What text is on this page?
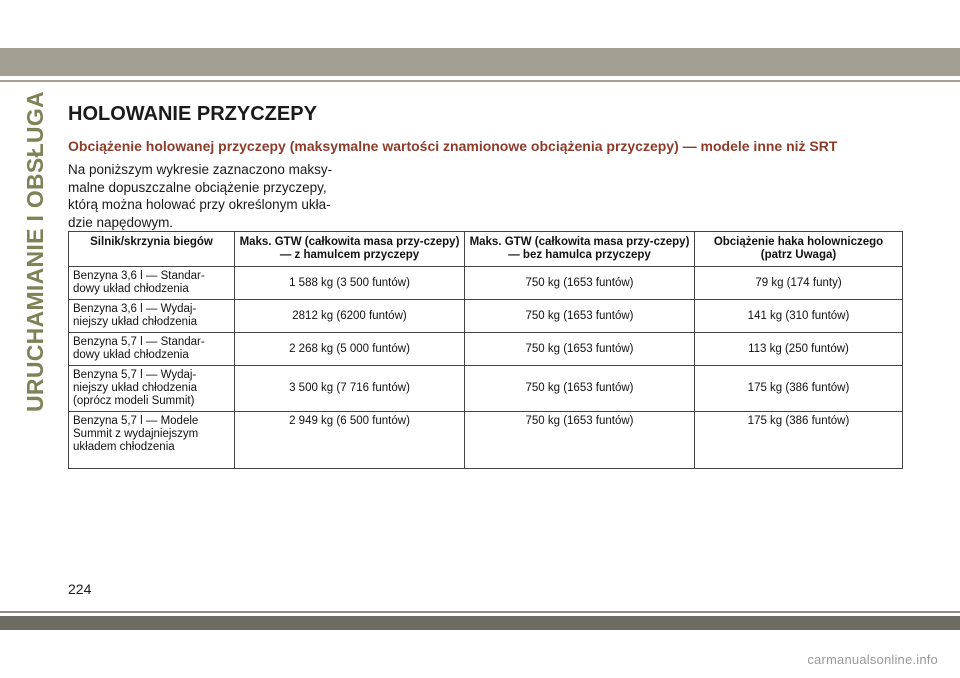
URUCHAMIANIE I OBSŁUGA HOLOWANIE PRZYCZEPY
Obciążenie holowanej przyczepy (maksymalne wartości znamionowe obciążenia przyczepy) — modele inne niż SRT

Na poniższym wykresie zaznaczono maksy-malne dopuszczalne obciążenie przyczepy, którą można holować przy określonym ukła-dzie napędowym.

Silnik/skrzynia biegów	Maks. GTW (całkowita masa przy-czepy) — z hamulcem przyczepy	Maks. GTW (całkowita masa przy-czepy) — bez hamulca przyczepy	Obciążenie haka holowniczego (patrz Uwaga)
Benzyna 3,6 l — Standar-dowy układ chłodzenia	1 588 kg (3 500 funtów)	750 kg (1653 funtów)	79 kg (174 funty)
Benzyna 3,6 l — Wydaj-niejszy układ chłodzenia	2812 kg (6200 funtów)	750 kg (1653 funtów)	141 kg (310 funtów)
Benzyna 5,7 l — Standar-dowy układ chłodzenia	2 268 kg (5 000 funtów)	750 kg (1653 funtów)	113 kg (250 funtów)
Benzyna 5,7 l — Wydaj-niejszy układ chłodzenia (oprócz modeli Summit)	3 500 kg (7 716 funtów)	750 kg (1653 funtów)	175 kg (386 funtów)
Benzyna 5,7 l — Modele Summit z wydajniejszym układem chłodzenia	2 949 kg (6 500 funtów)	750 kg (1653 funtów)	175 kg (386 funtów)
224
carmanualsonline.info
